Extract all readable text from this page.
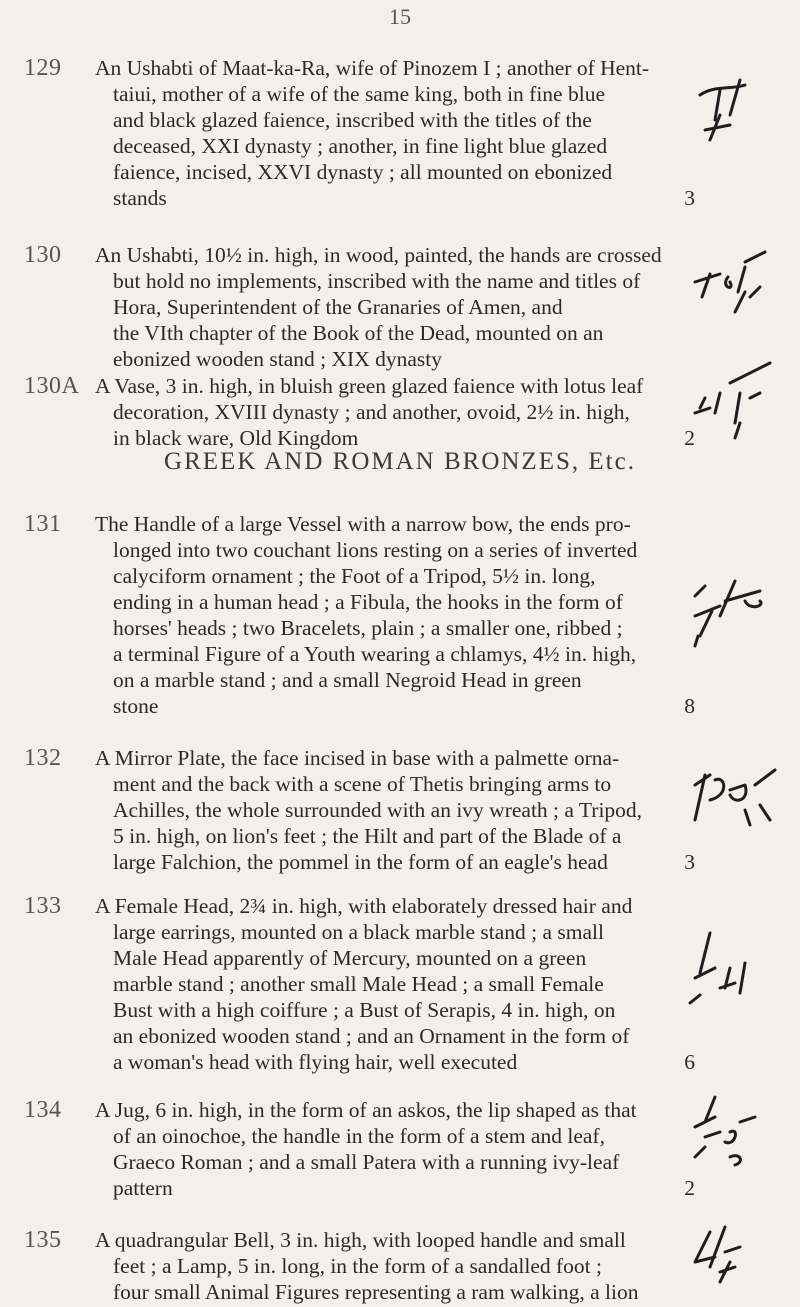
15
129 An Ushabti of Maat-ka-Ra, wife of Pinozem I ; another of Hent-
taiui, mother of a wife of the same king, both in fine blue
and black glazed faience, inscribed with the titles of the
deceased, XXI dynasty ; another, in fine light blue glazed
faience, incised, XXVI dynasty ; all mounted on ebonized
stands	3
130 An Ushabti, 10½ in. high, in wood, painted, the hands are crossed
but hold no implements, inscribed with the name and titles of
Hora, Superintendent of the Granaries of Amen, and
the VIth chapter of the Book of the Dead, mounted on an
ebonized wooden stand ; XIX dynasty
130A A Vase, 3 in. high, in bluish green glazed faience with lotus leaf
decoration, XVIII dynasty ; and another, ovoid, 2½ in. high,
in black ware, Old Kingdom	2
GREEK AND ROMAN BRONZES, Etc.
131 The Handle of a large Vessel with a narrow bow, the ends pro-
longed into two couchant lions resting on a series of inverted
calyciform ornament ; the Foot of a Tripod, 5½ in. long,
ending in a human head ; a Fibula, the hooks in the form of
horses' heads ; two Bracelets, plain ; a smaller one, ribbed ;
a terminal Figure of a Youth wearing a chlamys, 4½ in. high,
on a marble stand ; and a small Negroid Head in green
stone	8
132 A Mirror Plate, the face incised in base with a palmette orna-
ment and the back with a scene of Thetis bringing arms to
Achilles, the whole surrounded with an ivy wreath ; a Tripod,
5 in. high, on lion's feet ; the Hilt and part of the Blade of a
large Falchion, the pommel in the form of an eagle's head	3
133 A Female Head, 2¾ in. high, with elaborately dressed hair and
large earrings, mounted on a black marble stand ; a small
Male Head apparently of Mercury, mounted on a green
marble stand ; another small Male Head ; a small Female
Bust with a high coiffure ; a Bust of Serapis, 4 in. high, on
an ebonized wooden stand ; and an Ornament in the form of
a woman's head with flying hair, well executed	6
134 A Jug, 6 in. high, in the form of an askos, the lip shaped as that
of an oinochoe, the handle in the form of a stem and leaf,
Graeco Roman ; and a small Patera with a running ivy-leaf
pattern	2
135 A quadrangular Bell, 3 in. high, with looped handle and small
feet ; a Lamp, 5 in. long, in the form of a sandalled foot ;
four small Animal Figures representing a ram walking, a lion
